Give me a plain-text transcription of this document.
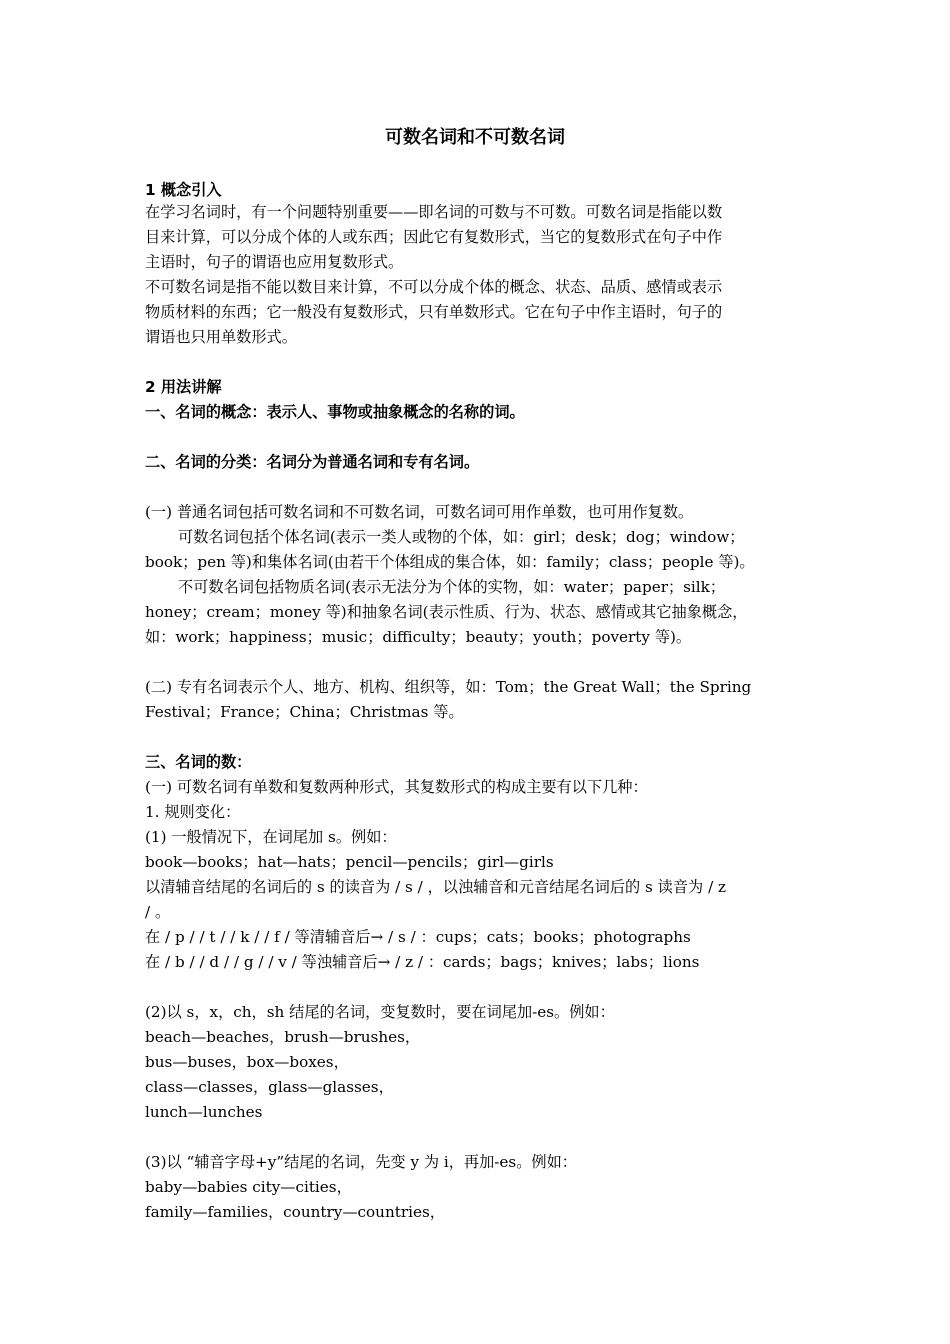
可数名词和不可数名词
1 概念引入
在学习名词时，有一个问题特别重要——即名词的可数与不可数。可数名词是指能以数
目来计算，可以分成个体的人或东西；因此它有复数形式，当它的复数形式在句子中作
主语时，句子的谓语也应用复数形式。
不可数名词是指不能以数目来计算，不可以分成个体的概念、状态、品质、感情或表示
物质材料的东西；它一般没有复数形式，只有单数形式。它在句子中作主语时，句子的
谓语也只用单数形式。
2 用法讲解
一、名词的概念：表示人、事物或抽象概念的名称的词。
二、名词的分类：名词分为普通名词和专有名词。
(一) 普通名词包括可数名词和不可数名词，可数名词可用作单数，也可用作复数。
可数名词包括个体名词(表示一类人或物的个体，如：girl；desk；dog；window；
book；pen 等)和集体名词(由若干个体组成的集合体，如：family；class；people 等)。
不可数名词包括物质名词(表示无法分为个体的实物，如：water；paper；silk；
honey；cream；money 等)和抽象名词(表示性质、行为、状态、感情或其它抽象概念，
如：work；happiness；music；difficulty；beauty；youth；poverty 等)。
(二) 专有名词表示个人、地方、机构、组织等，如：Tom；the Great Wall；the Spring
Festival；France；China；Christmas 等。
三、名词的数：
(一) 可数名词有单数和复数两种形式，其复数形式的构成主要有以下几种：
1. 规则变化：
(1) 一般情况下，在词尾加 s。例如：
book—books；hat—hats；pencil—pencils；girl—girls
以清辅音结尾的名词后的 s 的读音为 / s / ，以浊辅音和元音结尾名词后的 s 读音为 / z
/ 。
在 / p / / t / / k / / f / 等清辅音后→ / s / ：cups；cats；books；photographs
在 / b / / d / / g / / v / 等浊辅音后→ / z / ：cards；bags；knives；labs；lions
(2)以 s，x，ch，sh 结尾的名词，变复数时，要在词尾加-es。例如：
beach—beaches，brush—brushes，
bus—buses，box—boxes，
class—classes，glass—glasses，
lunch—lunches
(3)以 “辅音字母+y”结尾的名词，先变 y 为 i，再加-es。例如：
baby—babies city—cities，
family—families，country—countries，
